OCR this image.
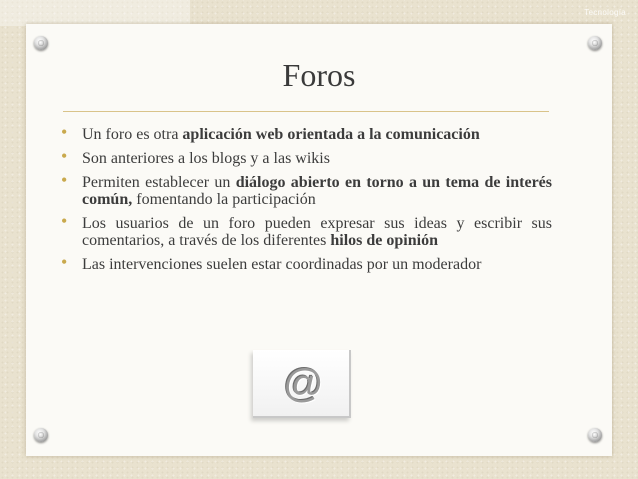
Tecnología
Foros
• Un foro es otra aplicación web orientada a la comunicación
• Son anteriores a los blogs y a las wikis
• Permiten establecer un diálogo abierto en torno a un tema de interés común, fomentando la participación
• Los usuarios de un foro pueden expresar sus ideas y escribir sus comentarios, a través de los diferentes hilos de opinión
• Las intervenciones suelen estar coordinadas por un moderador
@
